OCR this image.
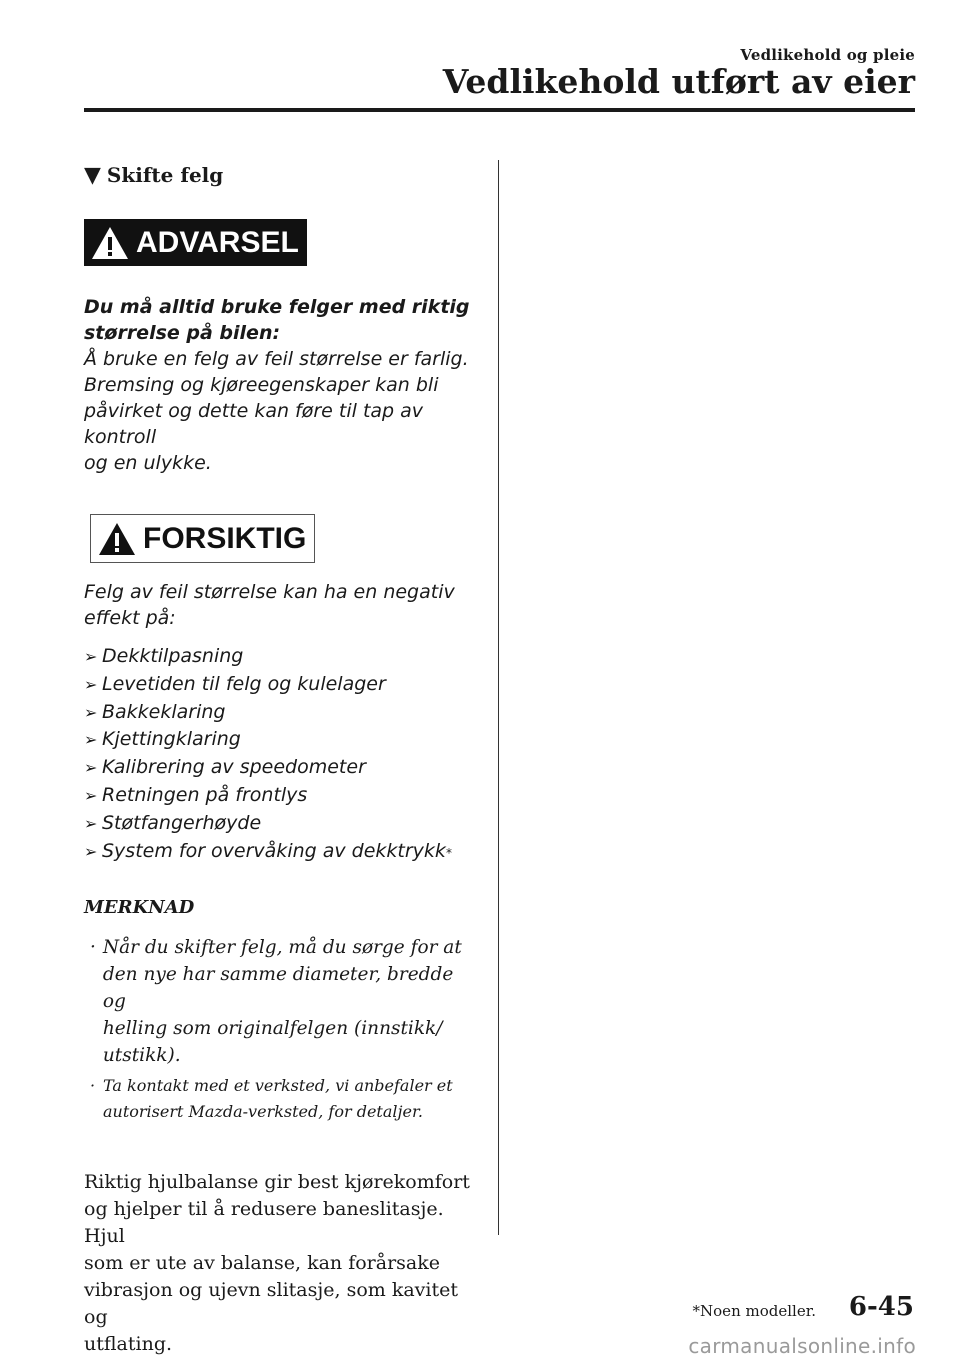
Vedlikehold og pleie
Vedlikehold utført av eier
▼ Skifte felg
ADVARSEL
Du må alltid bruke felger med riktig
størrelse på bilen:
Å bruke en felg av feil størrelse er farlig.
Bremsing og kjøreegenskaper kan bli
påvirket og dette kan føre til tap av kontroll
og en ulykke.
FORSIKTIG
Felg av feil størrelse kan ha en negativ
effekt på:
➢ Dekktilpasning
➢ Levetiden til felg og kulelager
➢ Bakkeklaring
➢ Kjettingklaring
➢ Kalibrering av speedometer
➢ Retningen på frontlys
➢ Støtfangerhøyde
➢ System for overvåking av dekktrykk *
MERKNAD
· Når du skifter felg, må du sørge for at
den nye har samme diameter, bredde og
helling som originalfelgen (innstikk/
utstikk).
· Ta kontakt med et verksted, vi anbefaler et
autorisert Mazda-verksted, for detaljer.
Riktig hjulbalanse gir best kjørekomfort
og hjelper til å redusere baneslitasje. Hjul
som er ute av balanse, kan forårsake
vibrasjon og ujevn slitasje, som kavitet og
utflating.
*Noen modeller. 6-45
carmanualsonline.info
